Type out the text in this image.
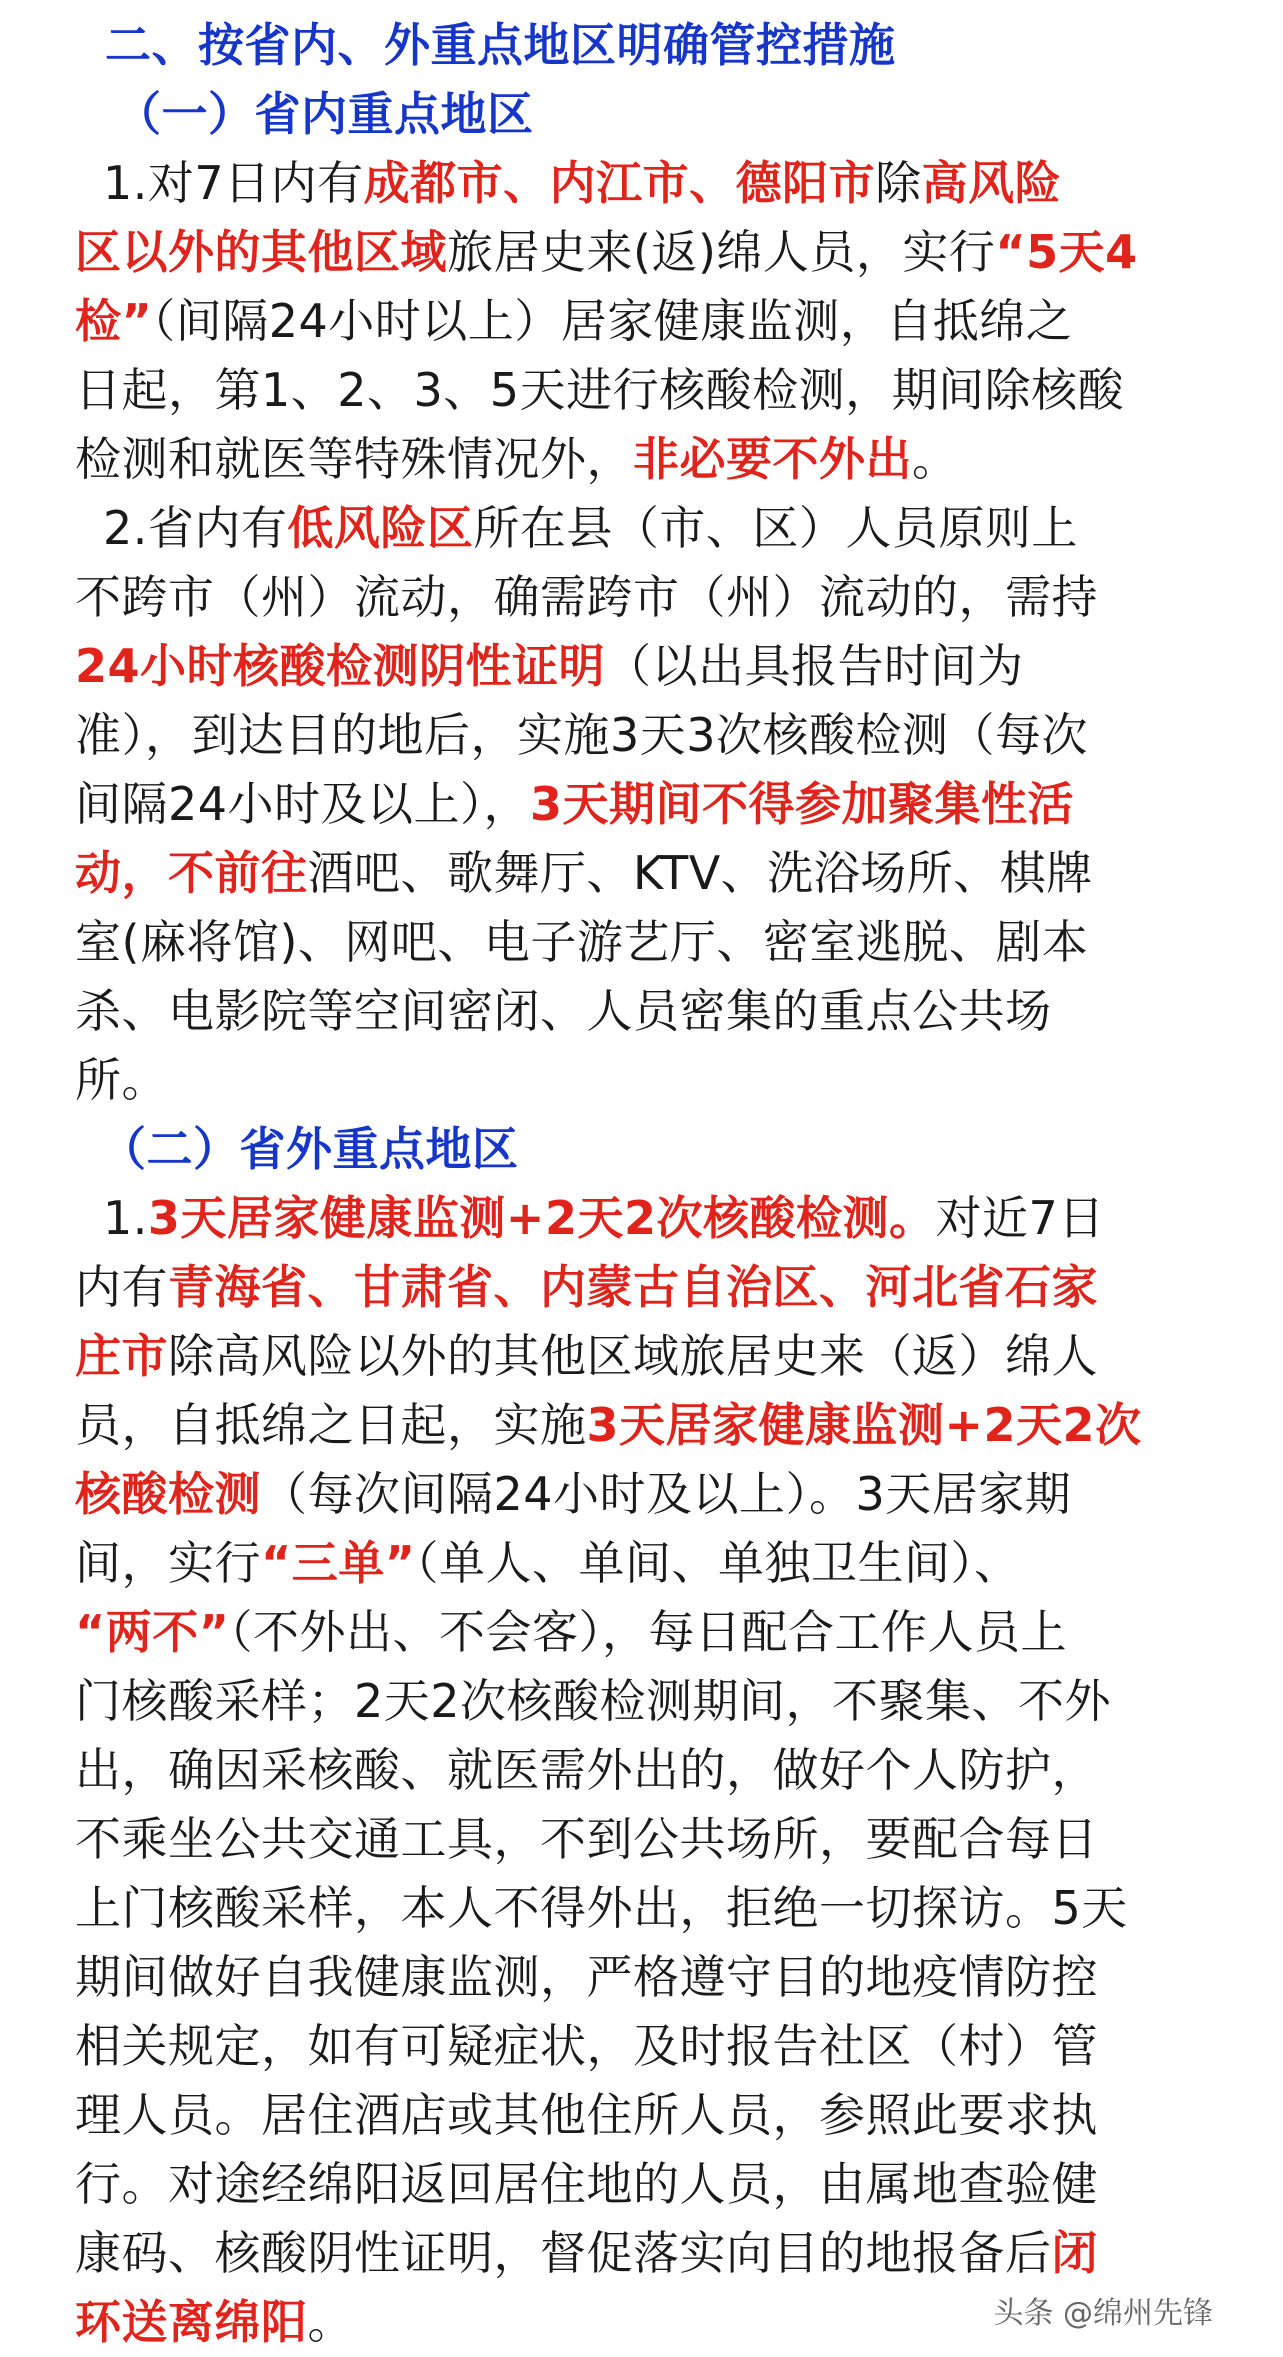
二、按省内、外重点地区明确管控措施
（一）省内重点地区
1.对7日内有成都市、内江市、德阳市除高风险
区以外的其他区域旅居史来(返)绵人员，实行“5天4
检”（间隔24小时以上）居家健康监测，自抵绵之
日起，第1、2、3、5天进行核酸检测，期间除核酸
检测和就医等特殊情况外，非必要不外出。
2.省内有低风险区所在县（市、区）人员原则上
不跨市（州）流动，确需跨市（州）流动的，需持
24小时核酸检测阴性证明（以出具报告时间为
准），到达目的地后，实施3天3次核酸检测（每次
间隔24小时及以上），3天期间不得参加聚集性活
动，不前往酒吧、歌舞厅、KTV、洗浴场所、棋牌
室(麻将馆)、网吧、电子游艺厅、密室逃脱、剧本
杀、电影院等空间密闭、人员密集的重点公共场
所。
（二）省外重点地区
1.3天居家健康监测+2天2次核酸检测。对近7日
内有青海省、甘肃省、内蒙古自治区、河北省石家
庄市除高风险以外的其他区域旅居史来（返）绵人
员，自抵绵之日起，实施3天居家健康监测+2天2次
核酸检测（每次间隔24小时及以上）。3天居家期
间，实行“三单”（单人、单间、单独卫生间）、
“两不”（不外出、不会客），每日配合工作人员上
门核酸采样；2天2次核酸检测期间，不聚集、不外
出，确因采核酸、就医需外出的，做好个人防护，
不乘坐公共交通工具，不到公共场所，要配合每日
上门核酸采样，本人不得外出，拒绝一切探访。5天
期间做好自我健康监测，严格遵守目的地疫情防控
相关规定，如有可疑症状，及时报告社区（村）管
理人员。居住酒店或其他住所人员，参照此要求执
行。对途经绵阳返回居住地的人员，由属地查验健
康码、核酸阴性证明，督促落实向目的地报备后闭
环送离绵阳。	头条 @绵州先锋
